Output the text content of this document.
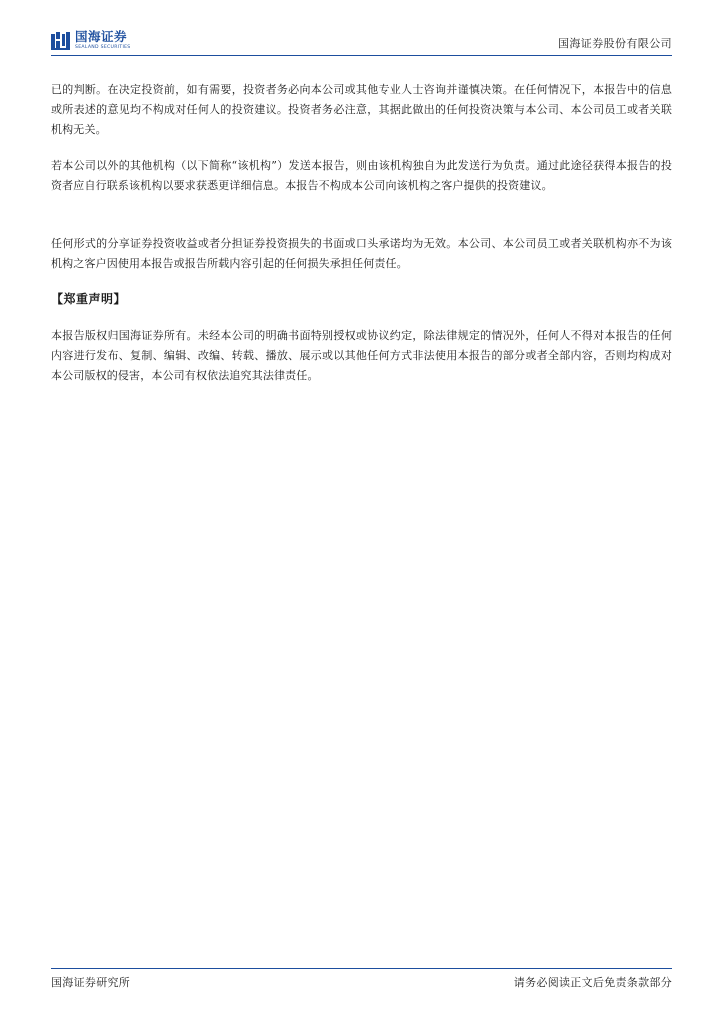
国海证券
SEALAND SECURITIES	国海证券股份有限公司

已的判断。在决定投资前，如有需要，投资者务必向本公司或其他专业人士咨询并谨慎决策。在任何情况下，本报告中的信息或所表述的意见均不构成对任何人的投资建议。投资者务必注意，其据此做出的任何投资决策与本公司、本公司员工或者关联机构无关。

若本公司以外的其他机构（以下简称“该机构”）发送本报告，则由该机构独自为此发送行为负责。通过此途径获得本报告的投资者应自行联系该机构以要求获悉更详细信息。本报告不构成本公司向该机构之客户提供的投资建议。

任何形式的分享证券投资收益或者分担证券投资损失的书面或口头承诺均为无效。本公司、本公司员工或者关联机构亦不为该机构之客户因使用本报告或报告所载内容引起的任何损失承担任何责任。

【郑重声明】

本报告版权归国海证券所有。未经本公司的明确书面特别授权或协议约定，除法律规定的情况外，任何人不得对本报告的任何内容进行发布、复制、编辑、改编、转载、播放、展示或以其他任何方式非法使用本报告的部分或者全部内容，否则均构成对本公司版权的侵害，本公司有权依法追究其法律责任。

国海证券研究所	请务必阅读正文后免责条款部分
